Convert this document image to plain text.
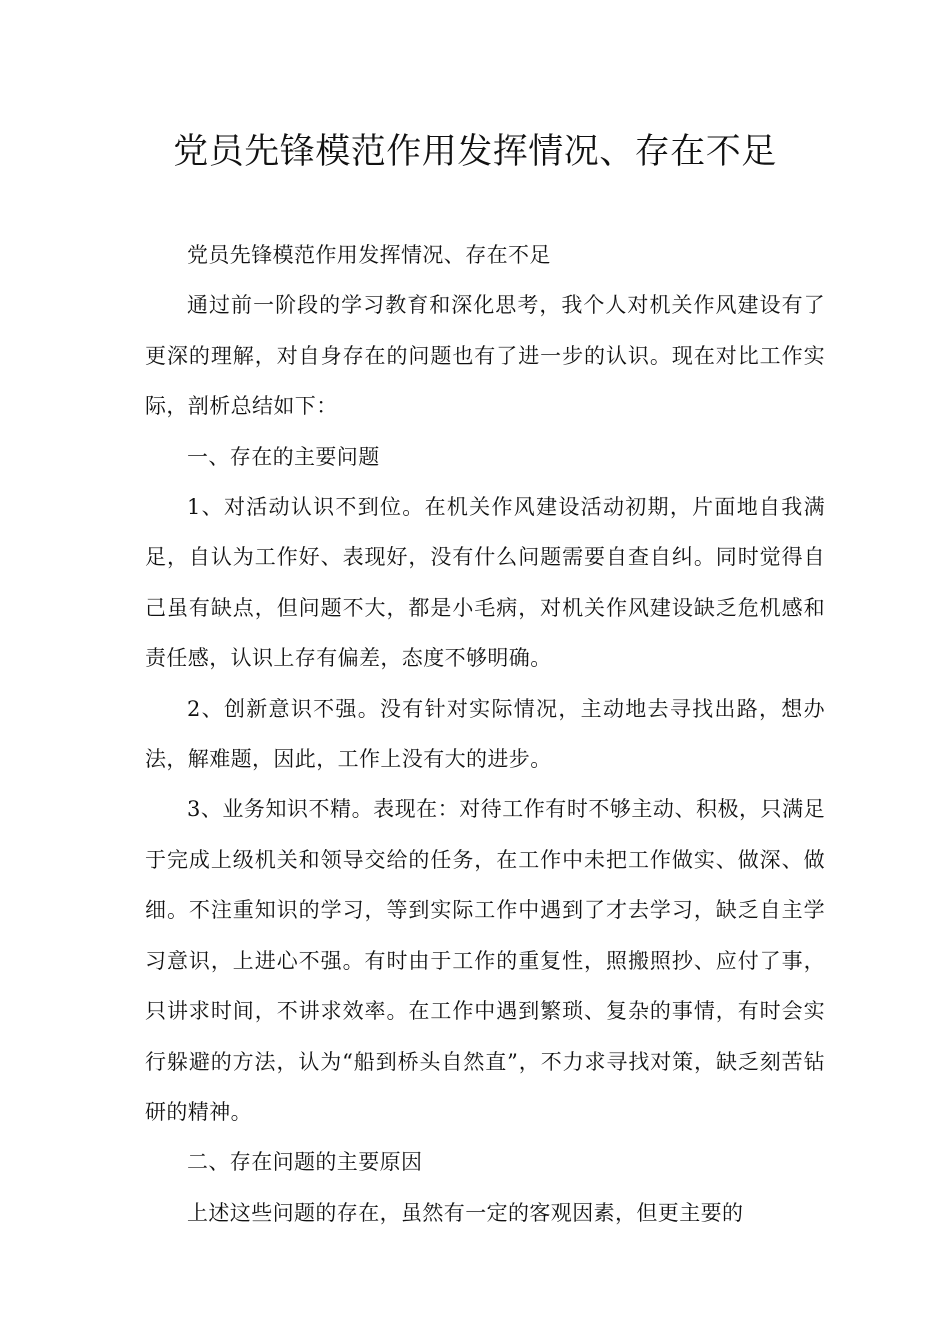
党员先锋模范作用发挥情况、存在不足

党员先锋模范作用发挥情况、存在不足

通过前一阶段的学习教育和深化思考，我个人对机关作风建设有了更深的理解，对自身存在的问题也有了进一步的认识。现在对比工作实际，剖析总结如下：

一、存在的主要问题

1、对活动认识不到位。在机关作风建设活动初期，片面地自我满足，自认为工作好、表现好，没有什么问题需要自查自纠。同时觉得自己虽有缺点，但问题不大，都是小毛病，对机关作风建设缺乏危机感和责任感，认识上存有偏差，态度不够明确。

2、创新意识不强。没有针对实际情况，主动地去寻找出路，想办法，解难题，因此，工作上没有大的进步。

3、业务知识不精。表现在：对待工作有时不够主动、积极，只满足于完成上级机关和领导交给的任务，在工作中未把工作做实、做深、做细。不注重知识的学习，等到实际工作中遇到了才去学习，缺乏自主学习意识，上进心不强。有时由于工作的重复性，照搬照抄、应付了事，只讲求时间，不讲求效率。在工作中遇到繁琐、复杂的事情，有时会实行躲避的方法，认为“船到桥头自然直”，不力求寻找对策，缺乏刻苦钻研的精神。

二、存在问题的主要原因

上述这些问题的存在，虽然有一定的客观因素，但更主要的
